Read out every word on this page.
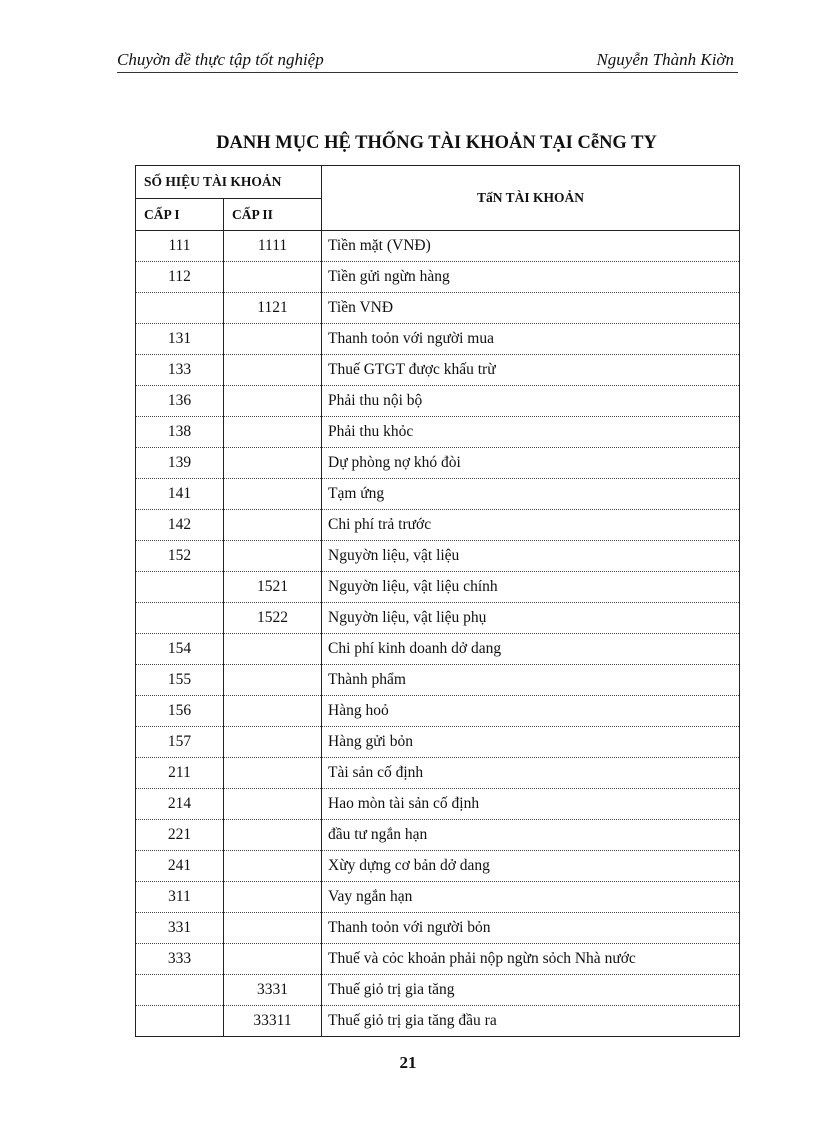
Chuyờn đề thực tập tốt nghiệp	Nguyễn Thành Kiờn
DANH MỤC HỆ THỐNG TÀI KHOẢN TẠI CễNG TY
SỐ HIỆU TÀI KHOẢN		TấN TÀI KHOẢN
CẤP I	CẤP II	
111	1111	Tiền mặt (VNĐ)
112		Tiền gửi ngừn hàng
	1121	Tiền VNĐ
131		Thanh toỏn với người mua
133		Thuế GTGT được khấu trừ
136		Phải thu nội bộ
138		Phải thu khỏc
139		Dự phòng nợ khó đòi
141		Tạm ứng
142		Chi phí trả trước
152		Nguyờn liệu, vật liệu
	1521	Nguyờn liệu, vật liệu chính
	1522	Nguyờn liệu, vật liệu phụ
154		Chi phí kinh doanh dở dang
155		Thành phẩm
156		Hàng hoỏ
157		Hàng gửi bỏn
211		Tài sản cố định
214		Hao mòn tài sản cố định
221		đầu tư ngắn hạn
241		Xừy dựng cơ bản dở dang
311		Vay ngắn hạn
331		Thanh toỏn với người bỏn
333		Thuế và cỏc khoản phải nộp ngừn sỏch Nhà nước
	3331	Thuế giỏ trị gia tăng
	33311	Thuế giỏ trị gia tăng đầu ra
21
